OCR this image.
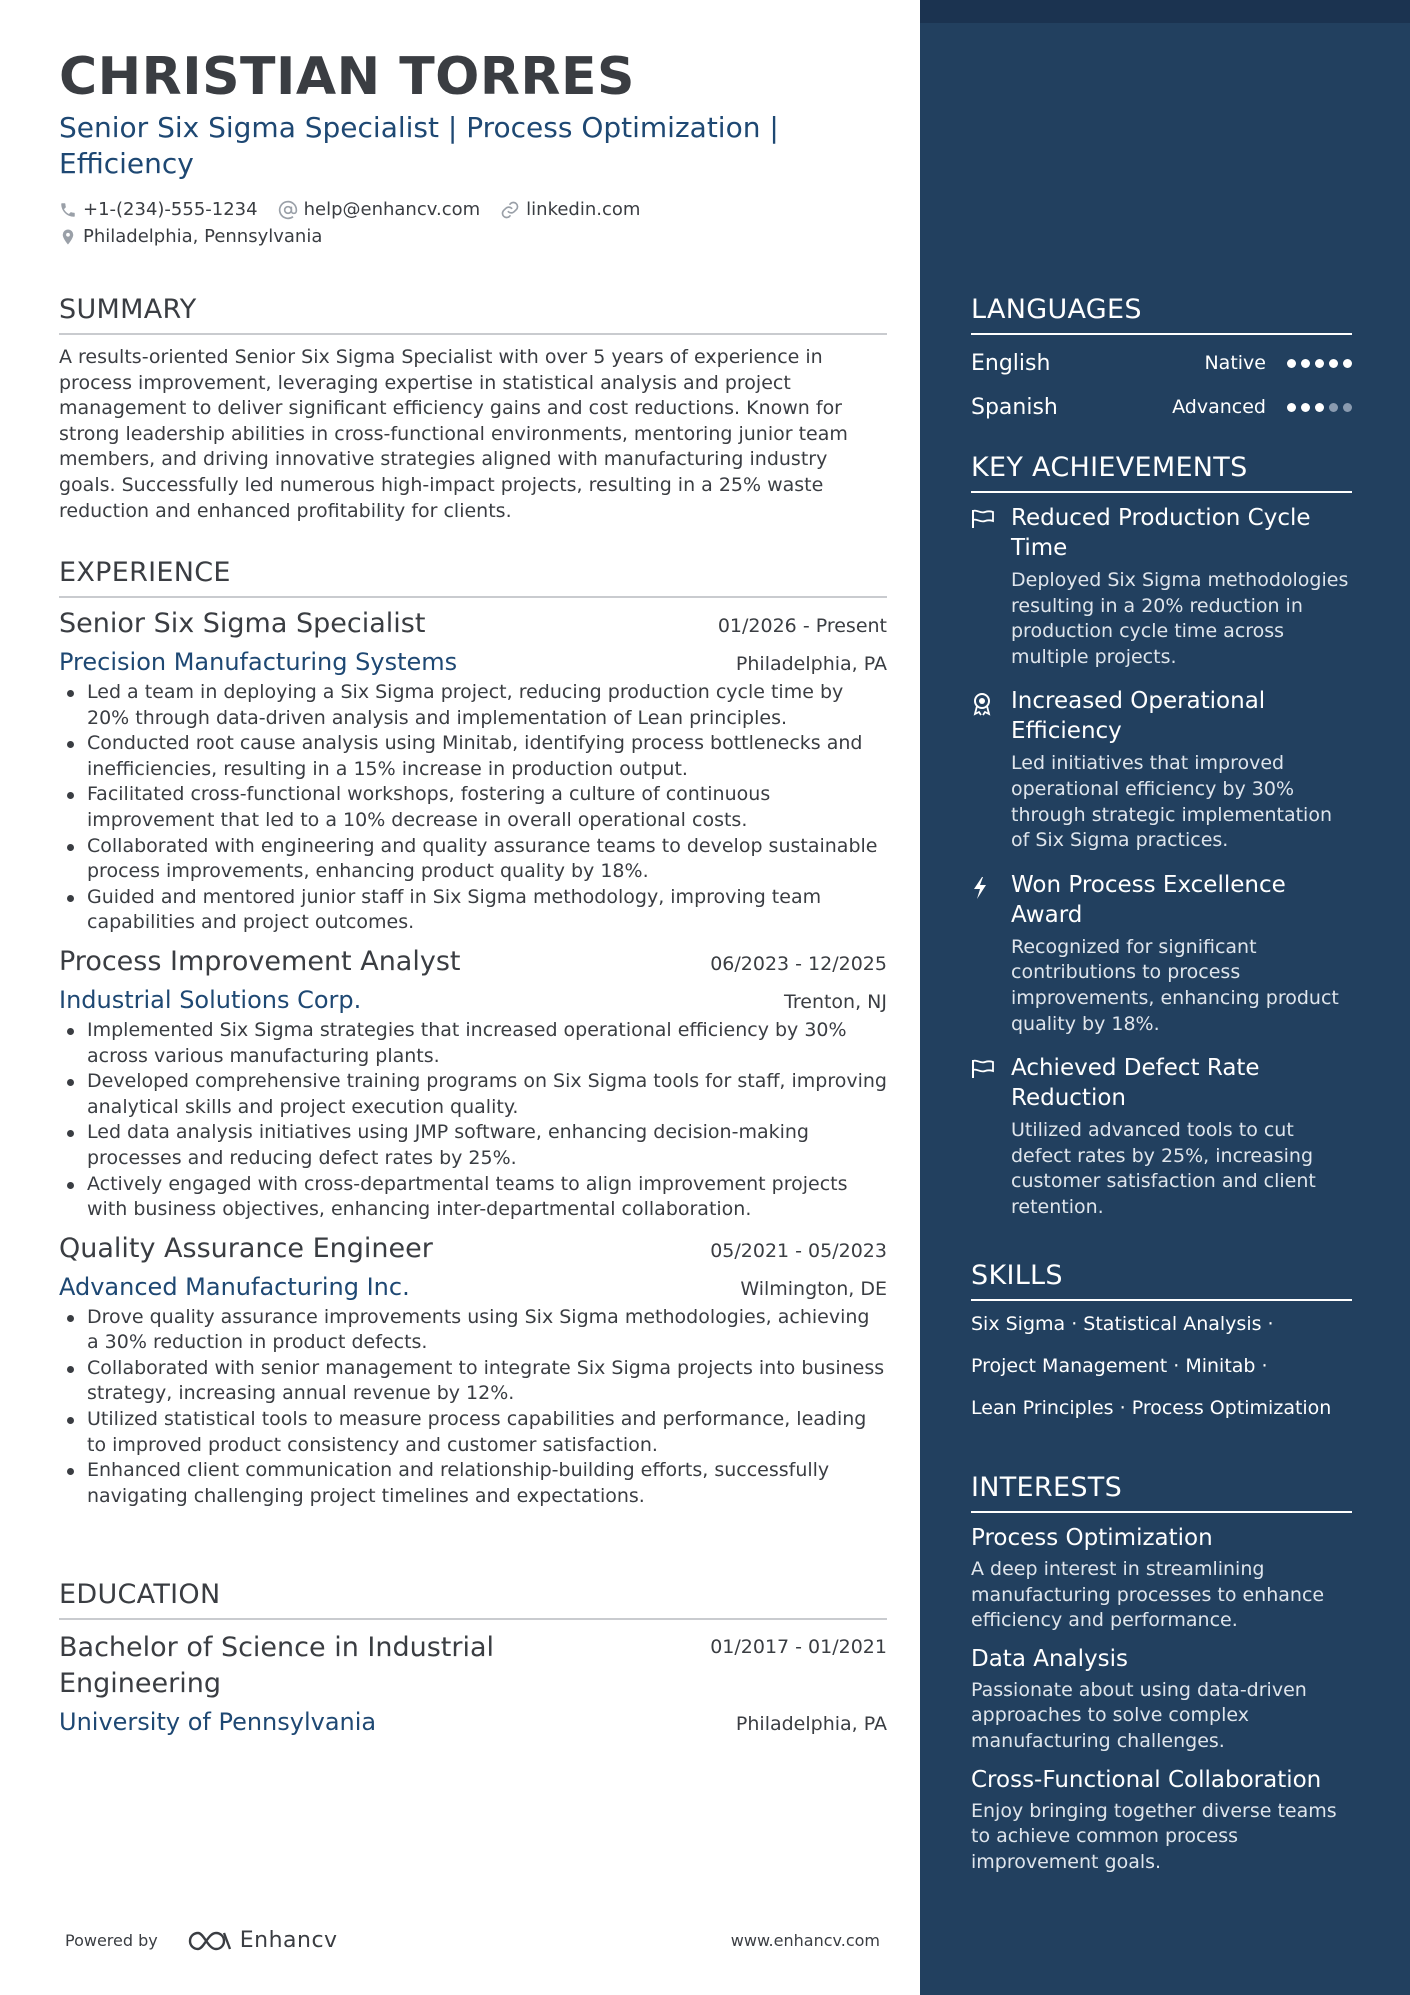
CHRISTIAN TORRES
Senior Six Sigma Specialist | Process Optimization | Efficiency
+1-(234)-555-1234	help@enhancv.com	linkedin.com
Philadelphia, Pennsylvania
SUMMARY
A results-oriented Senior Six Sigma Specialist with over 5 years of experience in process improvement, leveraging expertise in statistical analysis and project management to deliver significant efficiency gains and cost reductions. Known for strong leadership abilities in cross-functional environments, mentoring junior team members, and driving innovative strategies aligned with manufacturing industry goals. Successfully led numerous high-impact projects, resulting in a 25% waste reduction and enhanced profitability for clients.
EXPERIENCE
Senior Six Sigma Specialist	01/2026 - Present
Precision Manufacturing Systems	Philadelphia, PA
Led a team in deploying a Six Sigma project, reducing production cycle time by 20% through data-driven analysis and implementation of Lean principles.
Conducted root cause analysis using Minitab, identifying process bottlenecks and inefficiencies, resulting in a 15% increase in production output.
Facilitated cross-functional workshops, fostering a culture of continuous improvement that led to a 10% decrease in overall operational costs.
Collaborated with engineering and quality assurance teams to develop sustainable process improvements, enhancing product quality by 18%.
Guided and mentored junior staff in Six Sigma methodology, improving team capabilities and project outcomes.
Process Improvement Analyst	06/2023 - 12/2025
Industrial Solutions Corp.	Trenton, NJ
Implemented Six Sigma strategies that increased operational efficiency by 30% across various manufacturing plants.
Developed comprehensive training programs on Six Sigma tools for staff, improving analytical skills and project execution quality.
Led data analysis initiatives using JMP software, enhancing decision-making processes and reducing defect rates by 25%.
Actively engaged with cross-departmental teams to align improvement projects with business objectives, enhancing inter-departmental collaboration.
Quality Assurance Engineer	05/2021 - 05/2023
Advanced Manufacturing Inc.	Wilmington, DE
Drove quality assurance improvements using Six Sigma methodologies, achieving a 30% reduction in product defects.
Collaborated with senior management to integrate Six Sigma projects into business strategy, increasing annual revenue by 12%.
Utilized statistical tools to measure process capabilities and performance, leading to improved product consistency and customer satisfaction.
Enhanced client communication and relationship-building efforts, successfully navigating challenging project timelines and expectations.
EDUCATION
Bachelor of Science in Industrial Engineering
01/2017 - 01/2021
University of Pennsylvania	Philadelphia, PA
Powered by	Enhancv	www.enhancv.com
LANGUAGES
English	Native
Spanish	Advanced
KEY ACHIEVEMENTS
Reduced Production Cycle Time
Deployed Six Sigma methodologies resulting in a 20% reduction in production cycle time across multiple projects.
Increased Operational Efficiency
Led initiatives that improved operational efficiency by 30% through strategic implementation of Six Sigma practices.
Won Process Excellence Award
Recognized for significant contributions to process improvements, enhancing product quality by 18%.
Achieved Defect Rate Reduction
Utilized advanced tools to cut defect rates by 25%, increasing customer satisfaction and client retention.
SKILLS
Six Sigma · Statistical Analysis ·
Project Management · Minitab ·
Lean Principles · Process Optimization
INTERESTS
Process Optimization
A deep interest in streamlining manufacturing processes to enhance efficiency and performance.
Data Analysis
Passionate about using data-driven approaches to solve complex manufacturing challenges.
Cross-Functional Collaboration
Enjoy bringing together diverse teams to achieve common process improvement goals.
